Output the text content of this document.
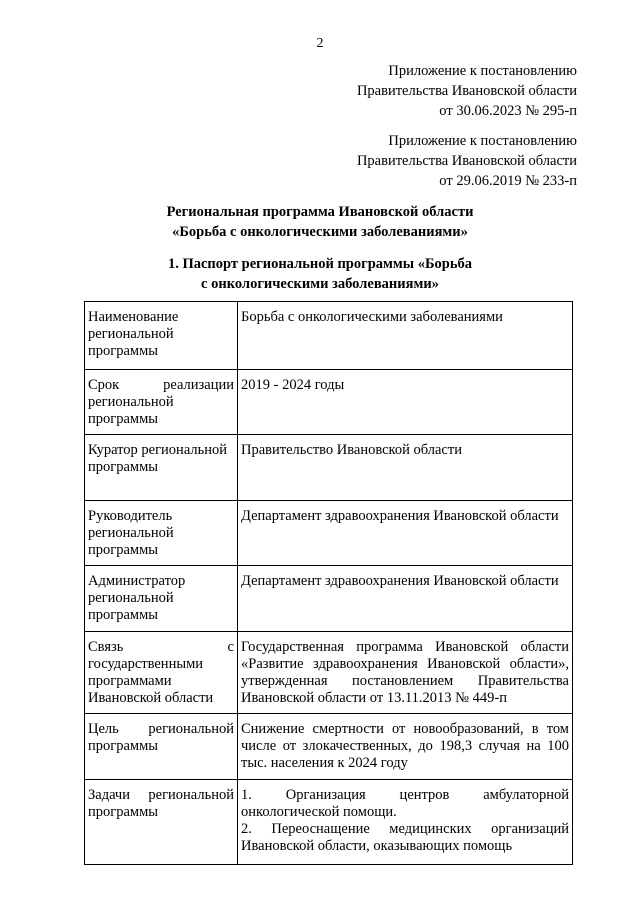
2
Приложение к постановлению
Правительства Ивановской области
от 30.06.2023 № 295-п
Приложение к постановлению
Правительства Ивановской области
от 29.06.2019 № 233-п
Региональная программа Ивановской области
«Борьба с онкологическими заболеваниями»
1. Паспорт региональной программы «Борьба
с онкологическими заболеваниями»
Наименование региональной программы	Борьба с онкологическими заболеваниями

Срок реализации
региональной программы	2019 - 2024 годы
Куратор региональной программы	Правительство Ивановской области
Руководитель региональной программы	Департамент здравоохранения Ивановской области
Администратор региональной программы	Департамент здравоохранения Ивановской области

Связь с
государственными программами Ивановской области	Государственная программа Ивановской области «Развитие здравоохранения Ивановской области», утвержденная постановлением Правительства Ивановской области от 13.11.2013 № 449-п
Цель региональной программы	Снижение смертности от новообразований, в том числе от злокачественных, до 198,3 случая на 100 тыс. населения к 2024 году
Задачи региональной программы	1. Организация центров амбулаторной онкологической помощи.
2. Переоснащение медицинских организаций Ивановской области, оказывающих помощь
